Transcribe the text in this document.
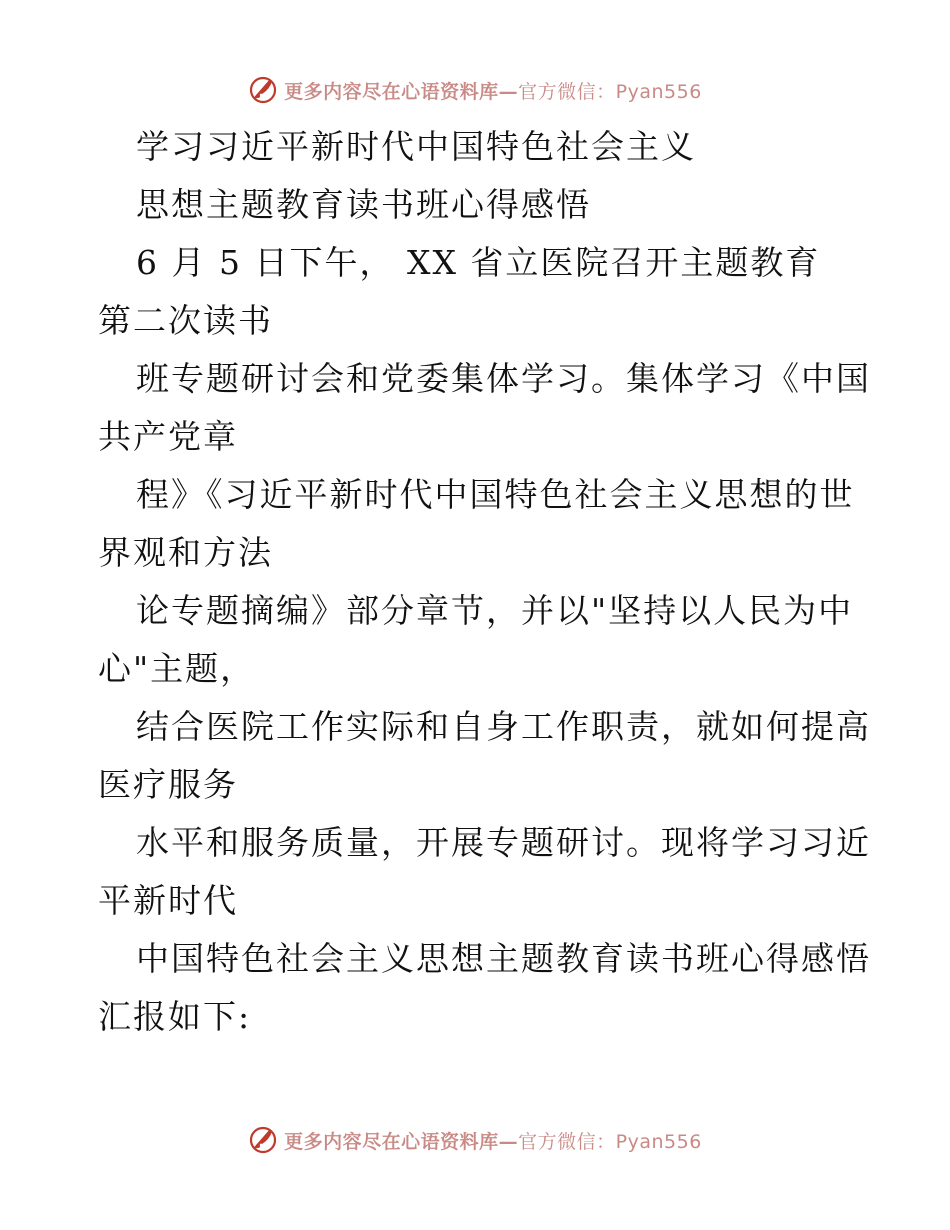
更多内容尽在心语资料库—官方微信：Pyan556
学习习近平新时代中国特色社会主义
思想主题教育读书班心得感悟
6 月 5 日下午， XX 省立医院召开主题教育
第二次读书
班专题研讨会和党委集体学习。集体学习《中国
共产党章
程》《习近平新时代中国特色社会主义思想的世
界观和方法
论专题摘编》部分章节，并以"坚持以人民为中
心"主题，
结合医院工作实际和自身工作职责，就如何提高
医疗服务
水平和服务质量，开展专题研讨。现将学习习近
平新时代
中国特色社会主义思想主题教育读书班心得感悟
汇报如下:
更多内容尽在心语资料库—官方微信：Pyan556
